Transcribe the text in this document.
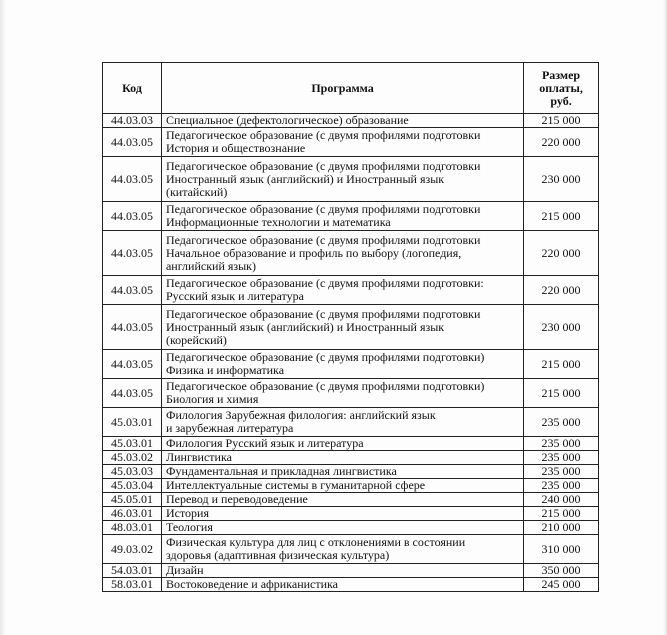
Код	Программа	Размер
оплаты,
руб.
44.03.03	Специальное (дефектологическое) образование	215 000
44.03.05	Педагогическое образование (с двумя профилями подготовки
История и обществознание	220 000
44.03.05	Педагогическое образование (с двумя профилями подготовки
Иностранный язык (английский) и Иностранный язык
(китайский)	230 000
44.03.05	Педагогическое образование (с двумя профилями подготовки
Информационные технологии и математика	215 000
44.03.05	Педагогическое образование (с двумя профилями подготовки
Начальное образование и профиль по выбору (логопедия,
английский язык)	220 000
44.03.05	Педагогическое образование (с двумя профилями подготовки:
Русский язык и литература	220 000
44.03.05	Педагогическое образование (с двумя профилями подготовки
Иностранный язык (английский) и Иностранный язык
(корейский)	230 000
44.03.05	Педагогическое образование (с двумя профилями подготовки)
Физика и информатика	215 000
44.03.05	Педагогическое образование (с двумя профилями подготовки)
Биология и химия	215 000
45.03.01	Филология Зарубежная филология: английский язык
и зарубежная литература	235 000
45.03.01	Филология Русский язык и литература	235 000
45.03.02	Лингвистика	235 000
45.03.03	Фундаментальная и прикладная лингвистика	235 000
45.03.04	Интеллектуальные системы в гуманитарной сфере	235 000
45.05.01	Перевод и переводоведение	240 000
46.03.01	История	215 000
48.03.01	Теология	210 000
49.03.02	Физическая культура для лиц с отклонениями в состоянии
здоровья (адаптивная физическая культура)	310 000
54.03.01	Дизайн	350 000
58.03.01	Востоковедение и африканистика	245 000
